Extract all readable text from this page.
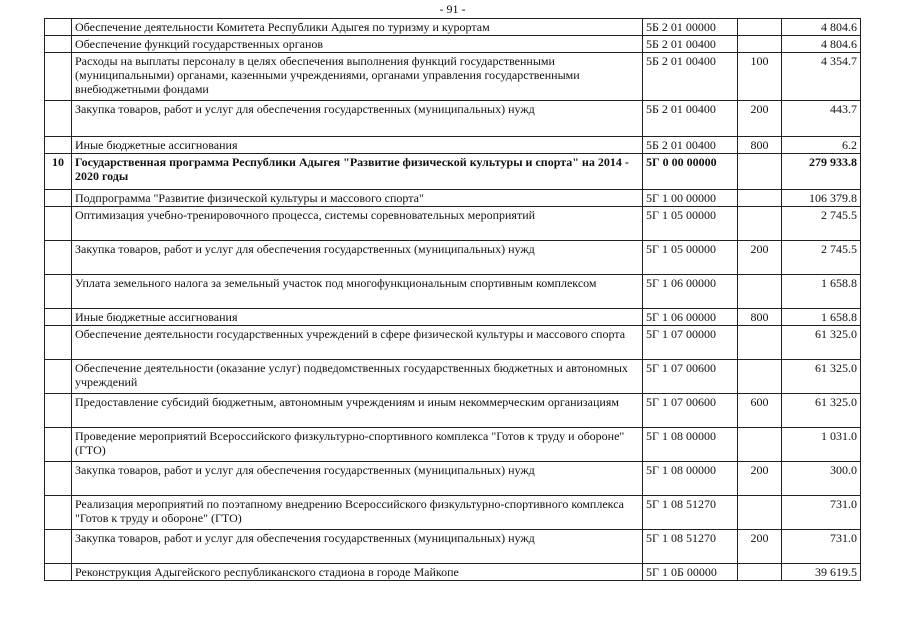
- 91 -
	Обеспечение деятельности Комитета Республики Адыгея по туризму и курортам	5Б 2 01 00000		4 804.6
	Обеспечение функций государственных органов	5Б 2 01 00400		4 804.6
	Расходы на выплаты персоналу в целях обеспечения выполнения функций государственными (муниципальными) органами, казенными учреждениями, органами управления государственными внебюджетными фондами	5Б 2 01 00400	100	4 354.7
	Закупка товаров, работ и услуг для обеспечения государственных (муниципальных) нужд	5Б 2 01 00400	200	443.7
	Иные бюджетные ассигнования	5Б 2 01 00400	800	6.2
10	Государственная программа Республики Адыгея "Развитие физической культуры и спорта" на 2014 - 2020 годы	5Г 0 00 00000		279 933.8
	Подпрограмма "Развитие физической культуры и массового спорта"	5Г 1 00 00000		106 379.8
	Оптимизация учебно-тренировочного процесса, системы соревновательных мероприятий	5Г 1 05 00000		2 745.5
	Закупка товаров, работ и услуг для обеспечения государственных (муниципальных) нужд	5Г 1 05 00000	200	2 745.5
	Уплата земельного налога за земельный участок под многофункциональным спортивным комплексом	5Г 1 06 00000		1 658.8
	Иные бюджетные ассигнования	5Г 1 06 00000	800	1 658.8
	Обеспечение деятельности государственных учреждений в сфере физической культуры и массового спорта	5Г 1 07 00000		61 325.0
	Обеспечение деятельности (оказание услуг) подведомственных государственных бюджетных и автономных учреждений	5Г 1 07 00600		61 325.0
	Предоставление субсидий бюджетным, автономным учреждениям и иным некоммерческим организациям	5Г 1 07 00600	600	61 325.0
	Проведение мероприятий Всероссийского физкультурно-спортивного комплекса "Готов к труду и обороне" (ГТО)	5Г 1 08 00000		1 031.0
	Закупка товаров, работ и услуг для обеспечения государственных (муниципальных) нужд	5Г 1 08 00000	200	300.0
	Реализация мероприятий по поэтапному внедрению Всероссийского физкультурно-спортивного комплекса "Готов к труду и обороне" (ГТО)	5Г 1 08 51270		731.0
	Закупка товаров, работ и услуг для обеспечения государственных (муниципальных) нужд	5Г 1 08 51270	200	731.0
	Реконструкция Адыгейского республиканского стадиона в городе Майкопе	5Г 1 0Б 00000		39 619.5
